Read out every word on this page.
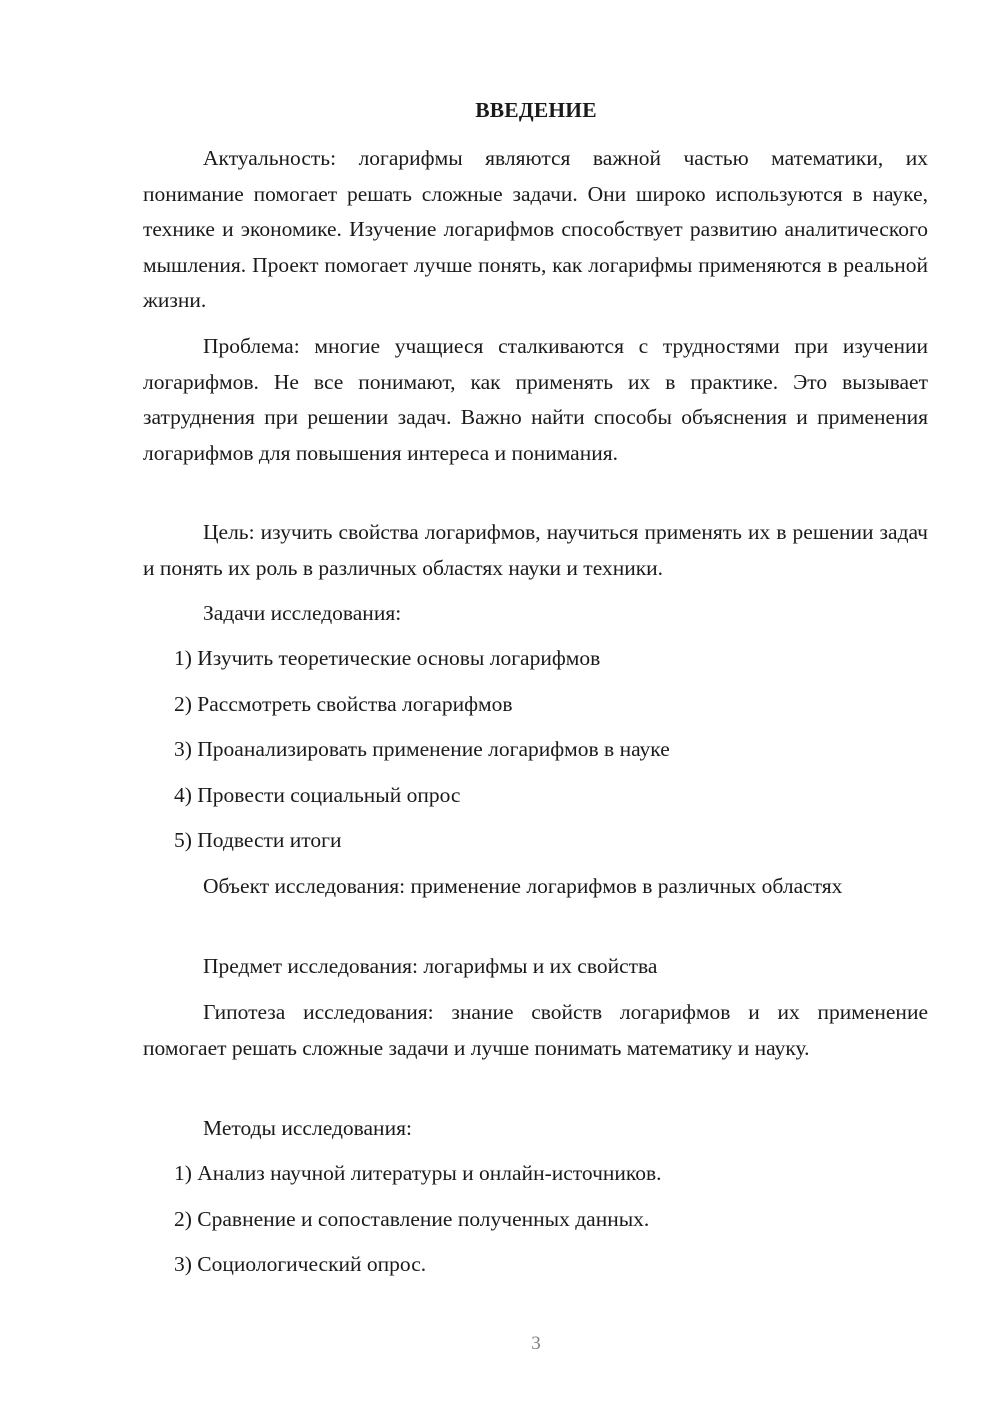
ВВЕДЕНИЕ

Актуальность: логарифмы являются важной частью математики, их понимание помогает решать сложные задачи. Они широко используются в науке, технике и экономике. Изучение логарифмов способствует развитию аналитического мышления. Проект помогает лучше понять, как логарифмы применяются в реальной жизни.

Проблема: многие учащиеся сталкиваются с трудностями при изучении логарифмов. Не все понимают, как применять их в практике. Это вызывает затруднения при решении задач. Важно найти способы объяснения и применения логарифмов для повышения интереса и понимания.

Цель: изучить свойства логарифмов, научиться применять их в решении задач и понять их роль в различных областях науки и техники.

Задачи исследования:

1) Изучить теоретические основы логарифмов

2) Рассмотреть свойства логарифмов

3) Проанализировать применение логарифмов в науке

4) Провести социальный опрос

5) Подвести итоги

Объект исследования: применение логарифмов в различных областях

Предмет исследования: логарифмы и их свойства

Гипотеза исследования: знание свойств логарифмов и их применение помогает решать сложные задачи и лучше понимать математику и науку.

Методы исследования:

1) Анализ научной литературы и онлайн-источников.

2) Сравнение и сопоставление полученных данных.

3) Социологический опрос.

3
